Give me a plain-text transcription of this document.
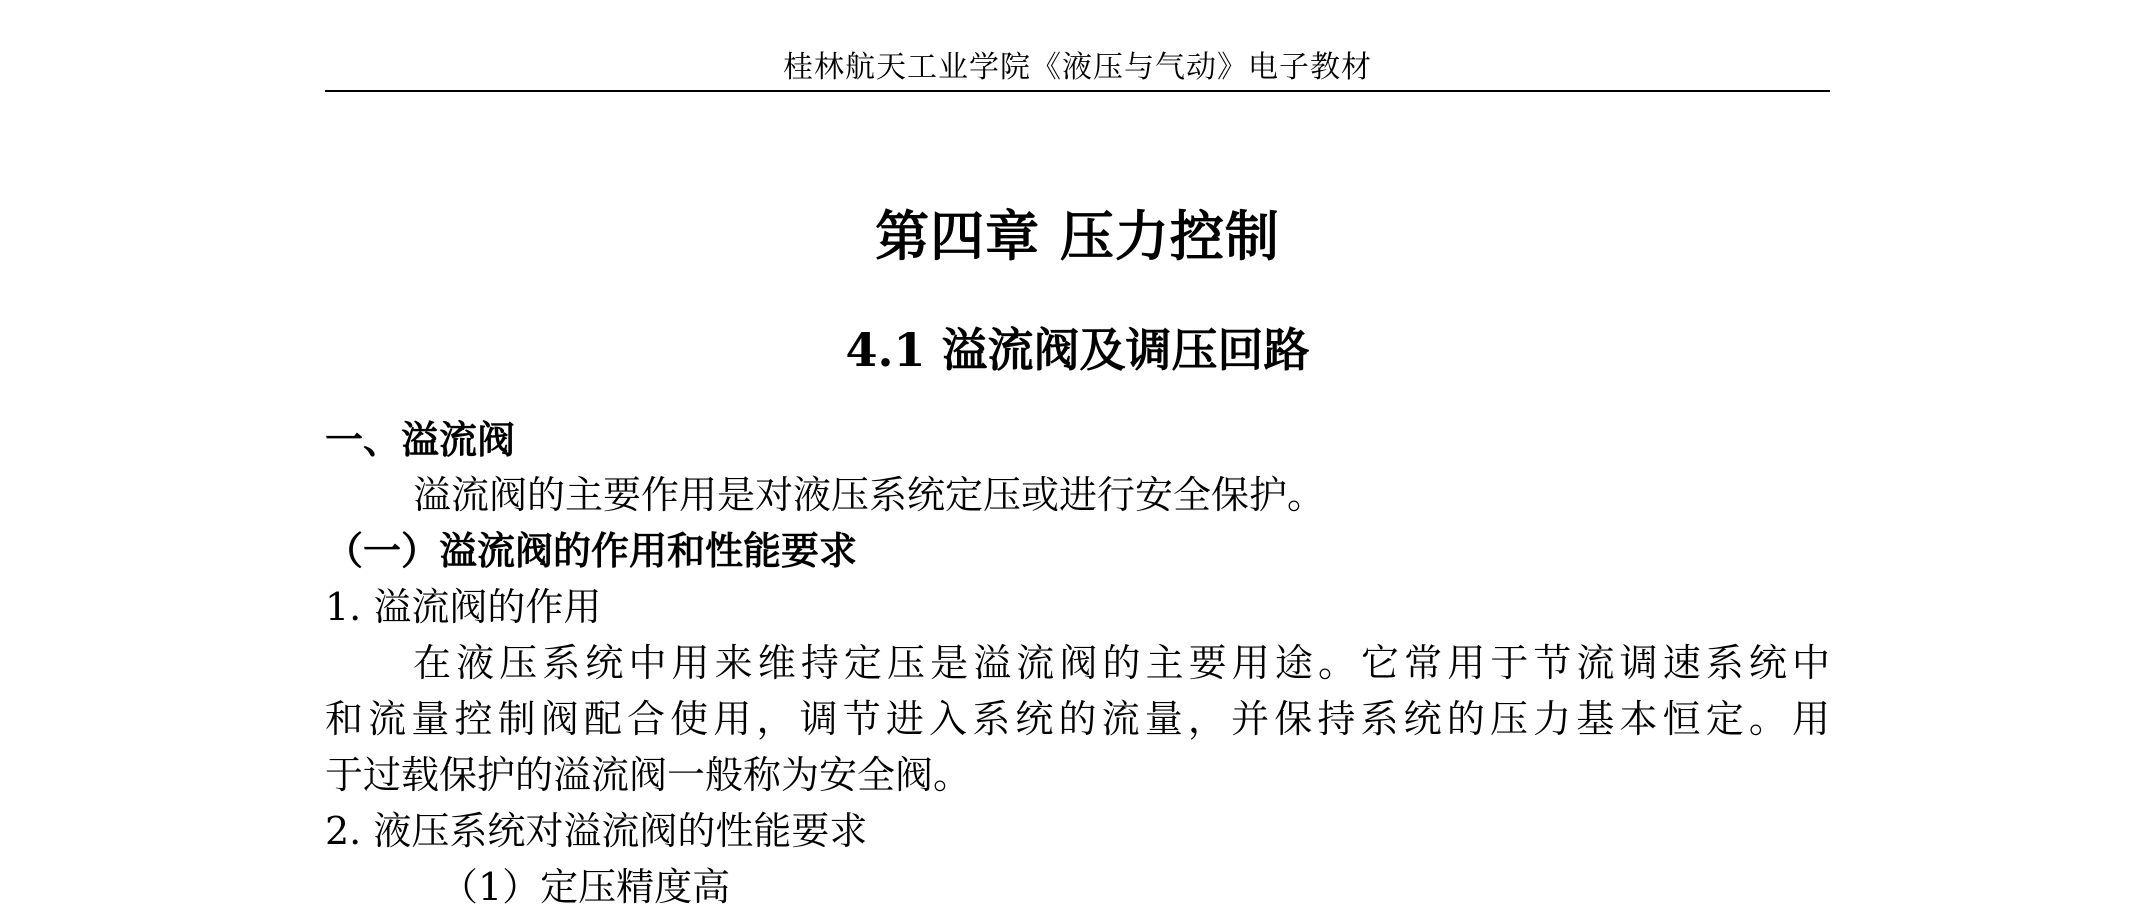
桂林航天工业学院《液压与气动》电子教材
第四章 压力控制
4.1 溢流阀及调压回路
一、溢流阀
溢流阀的主要作用是对液压系统定压或进行安全保护。
（一）溢流阀的作用和性能要求
1. 溢流阀的作用
在液压系统中用来维持定压是溢流阀的主要用途。它常用于节流调速系统中
和流量控制阀配合使用，调节进入系统的流量，并保持系统的压力基本恒定。用
于过载保护的溢流阀一般称为安全阀。
2. 液压系统对溢流阀的性能要求
（1）定压精度高
